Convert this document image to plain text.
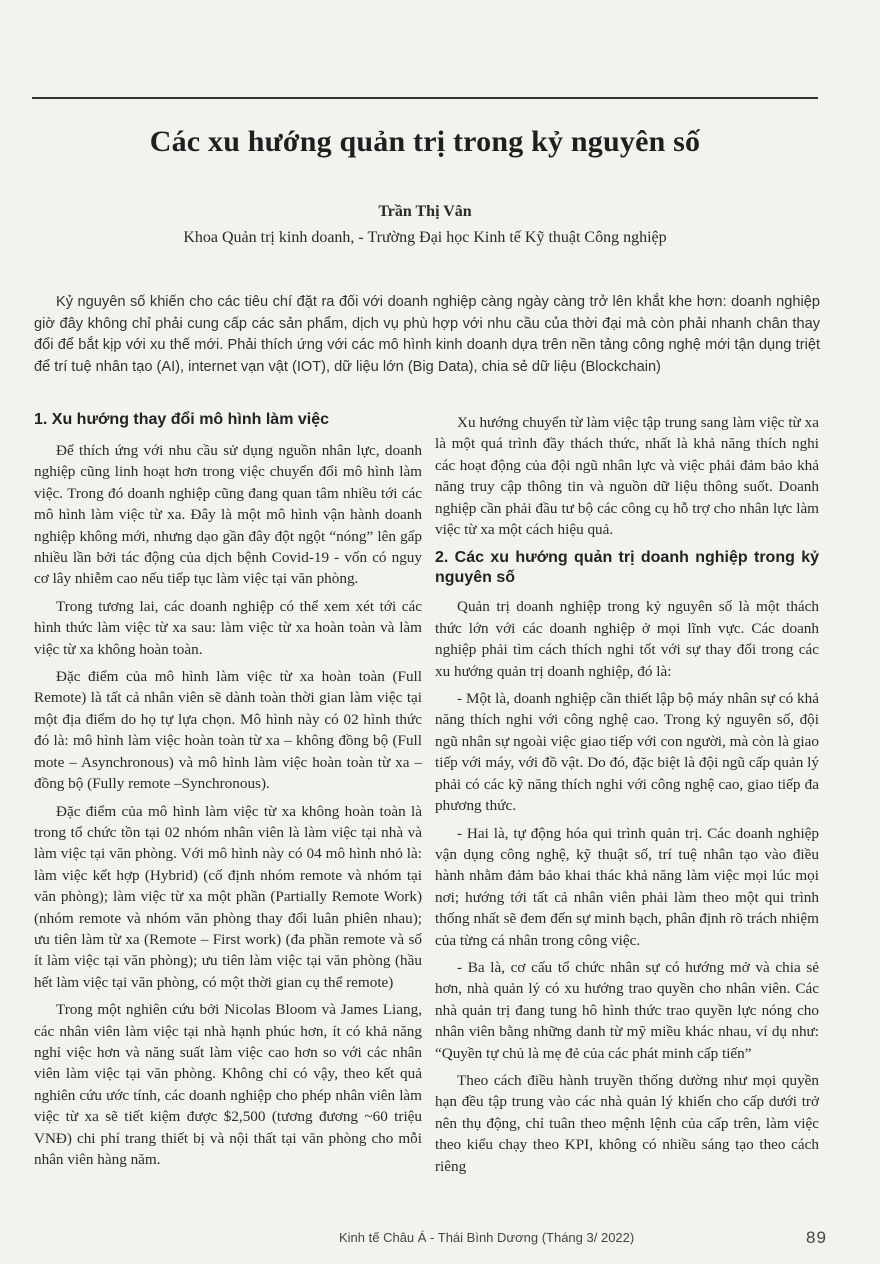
Các xu hướng quản trị trong kỷ nguyên số
Trần Thị Vân
Khoa Quản trị kinh doanh, - Trường Đại học Kinh tế Kỹ thuật Công nghiệp

Kỷ nguyên số khiến cho các tiêu chí đặt ra đối với doanh nghiệp càng ngày càng trở lên khắt khe hơn: doanh nghiệp giờ đây không chỉ phải cung cấp các sản phẩm, dịch vụ phù hợp với nhu cầu của thời đại mà còn phải nhanh chân thay đổi để bắt kịp với xu thế mới. Phải thích ứng với các mô hình kinh doanh dựa trên nền tảng công nghệ mới tận dụng triệt để trí tuệ nhân tạo (AI), internet vạn vật (IOT), dữ liệu lớn (Big Data), chia sẻ dữ liệu (Blockchain)

1. Xu hướng thay đổi mô hình làm việc

Để thích ứng với nhu cầu sử dụng nguồn nhân lực, doanh nghiệp cũng linh hoạt hơn trong việc chuyển đổi mô hình làm việc. Trong đó doanh nghiệp cũng đang quan tâm nhiều tới các mô hình làm việc từ xa. Đây là một mô hình vận hành doanh nghiệp không mới, nhưng dạo gần đây đột ngột “nóng” lên gấp nhiều lần bởi tác động của dịch bệnh Covid-19 - vốn có nguy cơ lây nhiễm cao nếu tiếp tục làm việc tại văn phòng.

Trong tương lai, các doanh nghiệp có thể xem xét tới các hình thức làm việc từ xa sau: làm việc từ xa hoàn toàn và làm việc từ xa không hoàn toàn.

Đặc điểm của mô hình làm việc từ xa hoàn toàn (Full Remote) là tất cả nhân viên sẽ dành toàn thời gian làm việc tại một địa điểm do họ tự lựa chọn. Mô hình này có 02 hình thức đó là: mô hình làm việc hoàn toàn từ xa – không đồng bộ (Full mote – Asynchronous) và mô hình làm việc hoàn toàn từ xa – đồng bộ (Fully remote –Synchronous).

Đặc điểm của mô hình làm việc từ xa không hoàn toàn là trong tổ chức tồn tại 02 nhóm nhân viên là làm việc tại nhà và làm việc tại văn phòng. Với mô hình này có 04 mô hình nhỏ là: làm việc kết hợp (Hybrid) (cố định nhóm remote và nhóm tại văn phòng); làm việc từ xa một phần (Partially Remote Work) (nhóm remote và nhóm văn phòng thay đổi luân phiên nhau); ưu tiên làm từ xa (Remote – First work) (đa phần remote và số ít làm việc tại văn phòng); ưu tiên làm việc tại văn phòng (hầu hết làm việc tại văn phòng, có một thời gian cụ thể remote)

Trong một nghiên cứu bởi Nicolas Bloom và James Liang, các nhân viên làm việc tại nhà hạnh phúc hơn, ít có khả năng nghỉ việc hơn và năng suất làm việc cao hơn so với các nhân viên làm việc tại văn phòng. Không chỉ có vậy, theo kết quả nghiên cứu ước tính, các doanh nghiệp cho phép nhân viên làm việc từ xa sẽ tiết kiệm được $2,500 (tương đương ~60 triệu VNĐ) chi phí trang thiết bị và nội thất tại văn phòng cho mỗi nhân viên hàng năm.

Xu hướng chuyển từ làm việc tập trung sang làm việc từ xa là một quá trình đầy thách thức, nhất là khả năng thích nghi các hoạt động của đội ngũ nhân lực và việc phải đảm bảo khả năng truy cập thông tin và nguồn dữ liệu thông suốt. Doanh nghiệp cần phải đầu tư bộ các công cụ hỗ trợ cho nhân lực làm việc từ xa một cách hiệu quả.

2. Các xu hướng quản trị doanh nghiệp trong kỷ nguyên số

Quản trị doanh nghiệp trong kỷ nguyên số là một thách thức lớn với các doanh nghiệp ở mọi lĩnh vực. Các doanh nghiệp phải tìm cách thích nghi tốt với sự thay đổi trong các xu hướng quản trị doanh nghiệp, đó là:

- Một là, doanh nghiệp cần thiết lập bộ máy nhân sự có khả năng thích nghi với công nghệ cao. Trong kỷ nguyên số, đội ngũ nhân sự ngoài việc giao tiếp với con người, mà còn là giao tiếp với máy, với đồ vật. Do đó, đặc biệt là đội ngũ cấp quản lý phải có các kỹ năng thích nghi với công nghệ cao, giao tiếp đa phương thức.

- Hai là, tự động hóa qui trình quản trị. Các doanh nghiệp vận dụng công nghệ, kỹ thuật số, trí tuệ nhân tạo vào điều hành nhằm đảm bảo khai thác khả năng làm việc mọi lúc mọi nơi; hướng tới tất cả nhân viên phải làm theo một qui trình thống nhất sẽ đem đến sự minh bạch, phân định rõ trách nhiệm của từng cá nhân trong công việc.

- Ba là, cơ cấu tổ chức nhân sự có hướng mở và chia sẻ hơn, nhà quản lý có xu hướng trao quyền cho nhân viên. Các nhà quản trị đang tung hô hình thức trao quyền lực nóng cho nhân viên bằng những danh từ mỹ miều khác nhau, ví dụ như: “Quyền tự chủ là mẹ đẻ của các phát minh cấp tiến”

Theo cách điều hành truyền thống dường như mọi quyền hạn đều tập trung vào các nhà quản lý khiến cho cấp dưới trở nên thụ động, chỉ tuân theo mệnh lệnh của cấp trên, làm việc theo kiểu chạy theo KPI, không có nhiều sáng tạo theo cách riêng

Kinh tế Châu Á - Thái Bình Dương (Tháng 3/ 2022)	89
